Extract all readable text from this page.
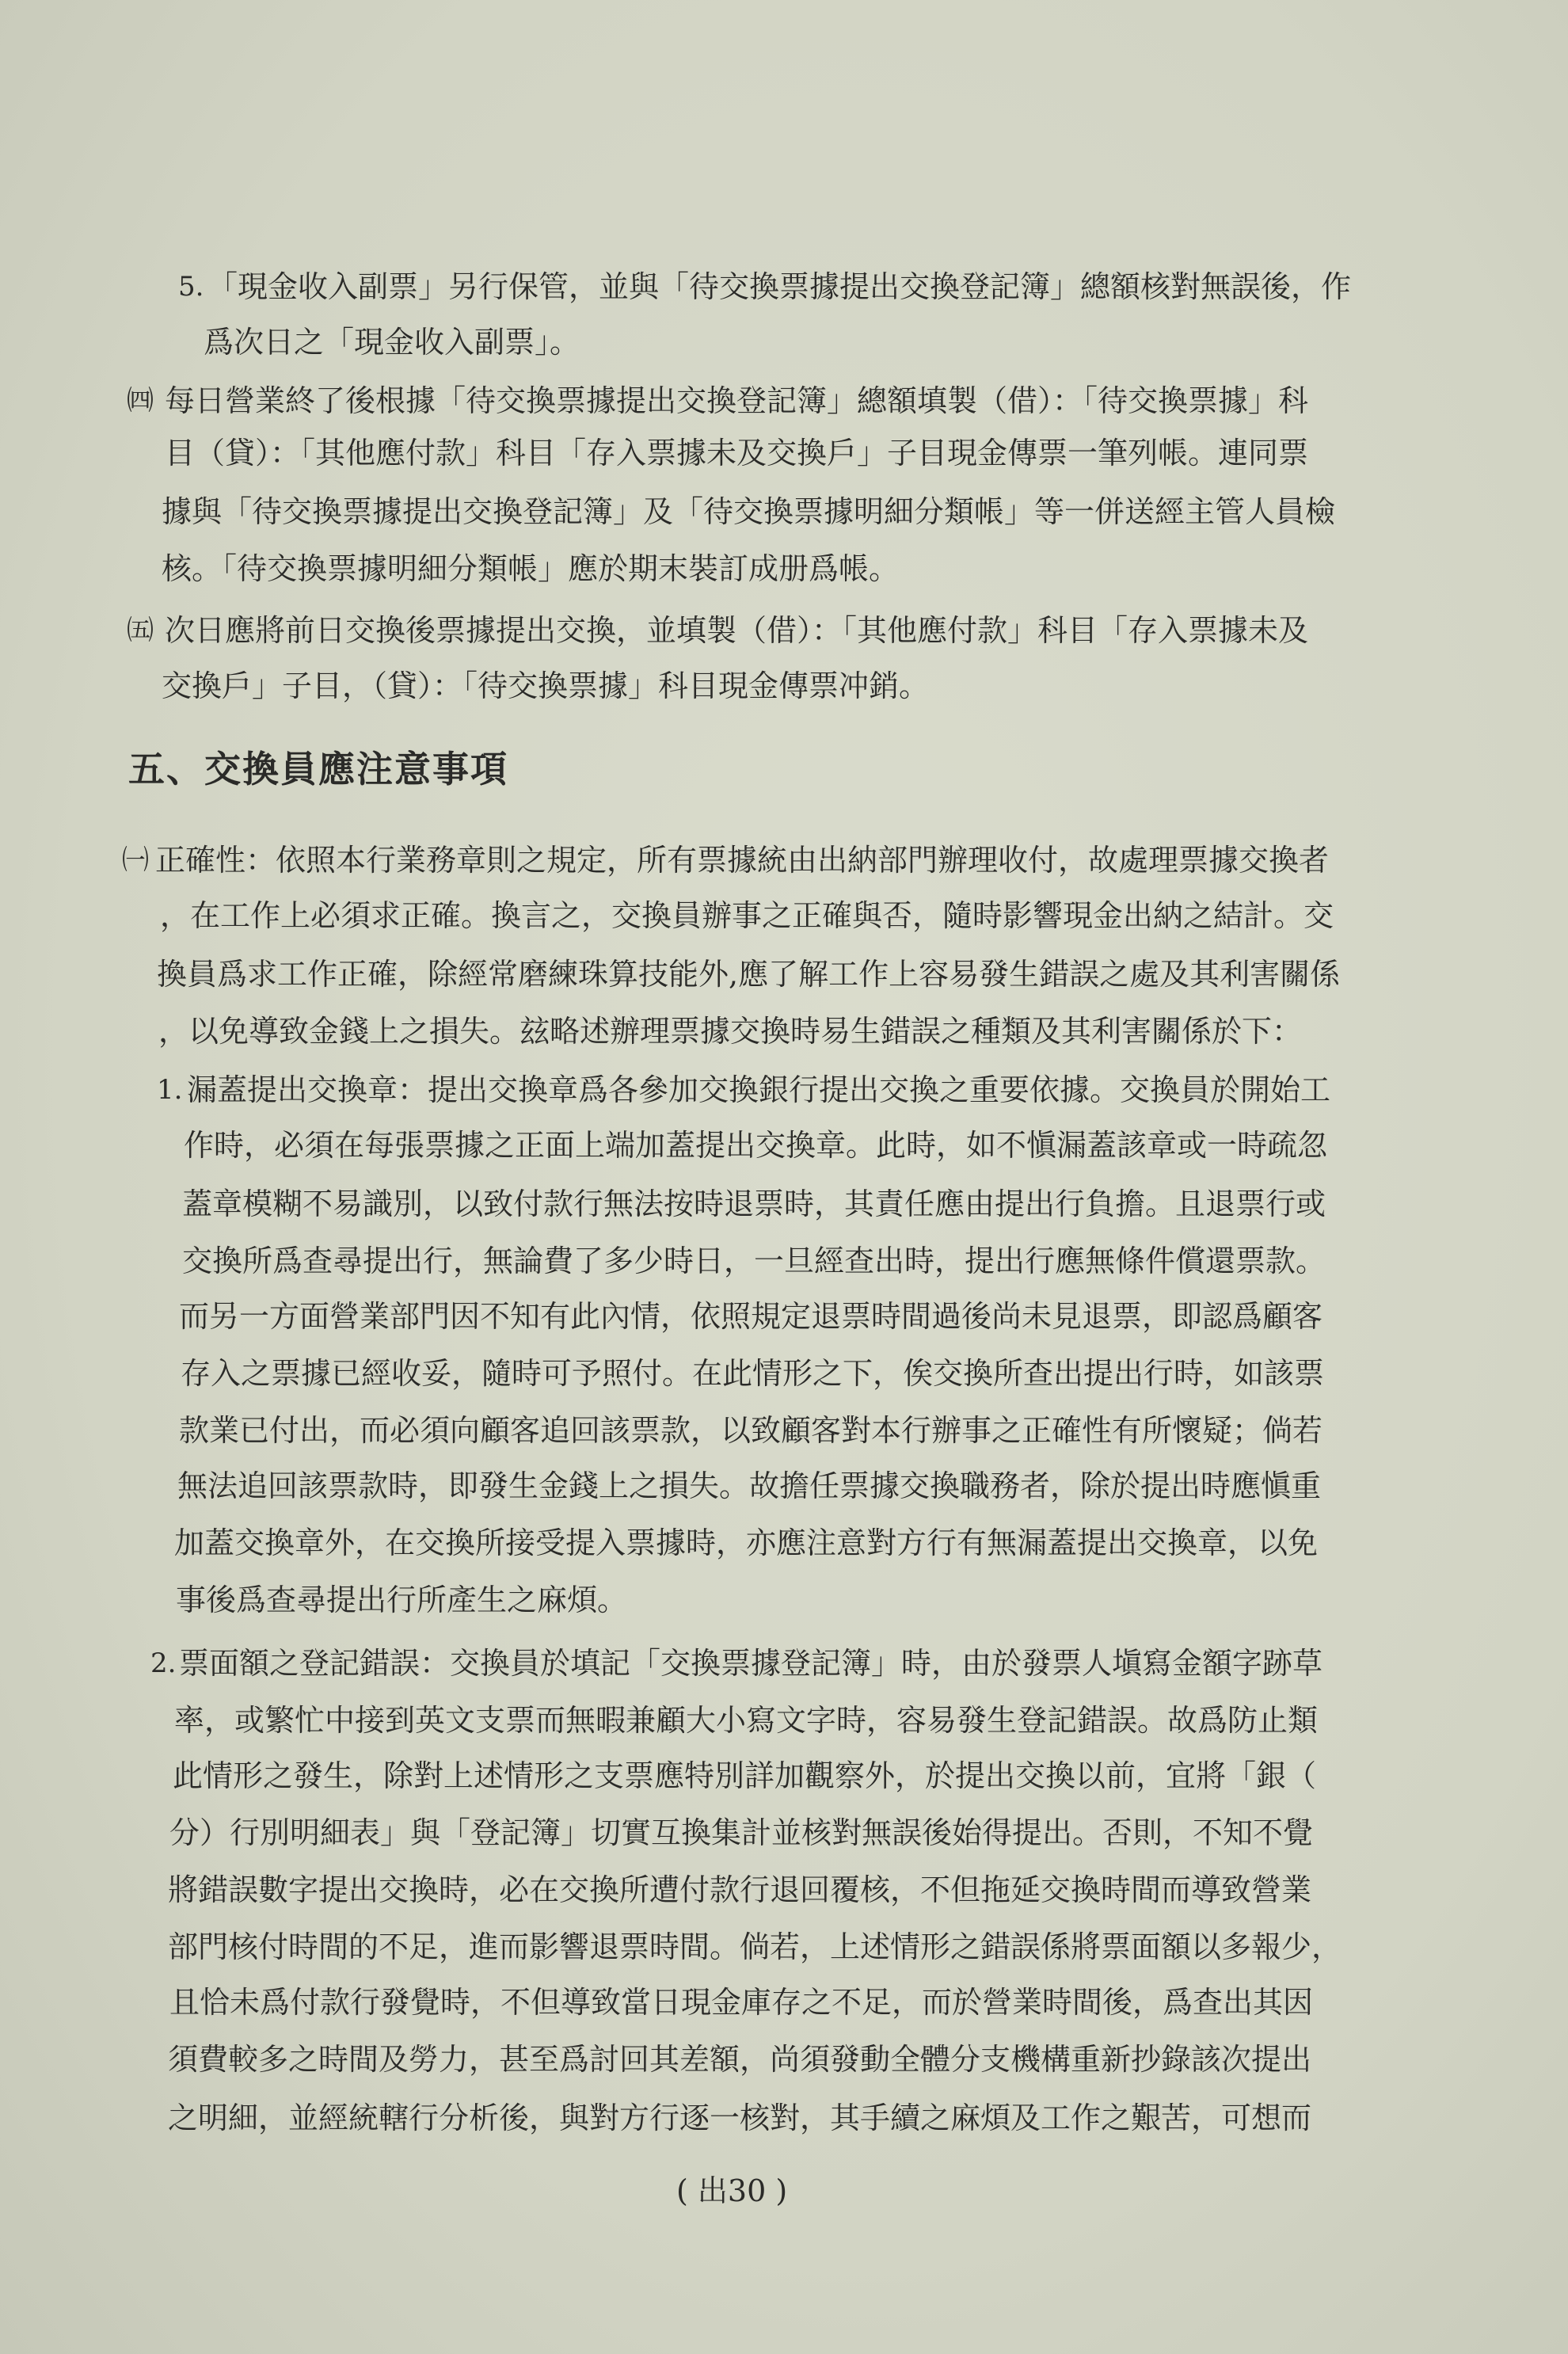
5. 「現金收入副票」另行保管，並與「待交換票據提出交換登記簿」總額核對無誤後，作
爲次日之「現金收入副票」。
㈣ 每日營業終了後根據「待交換票據提出交換登記簿」總額填製（借）：「待交換票據」科
目（貸）：「其他應付款」科目「存入票據未及交換戶」子目現金傳票一筆列帳。連同票
據與「待交換票據提出交換登記簿」及「待交換票據明細分類帳」等一併送經主管人員檢
核。「待交換票據明細分類帳」應於期末裝訂成册爲帳。
㈤ 次日應將前日交換後票據提出交換，並填製（借）：「其他應付款」科目「存入票據未及
交換戶」子目，（貸）：「待交換票據」科目現金傳票冲銷。
五、交換員應注意事項
㈠ 正確性：依照本行業務章則之規定，所有票據統由出納部門辦理收付，故處理票據交換者
，在工作上必須求正確。換言之，交換員辦事之正確與否，隨時影響現金出納之結計。交
換員爲求工作正確，除經常磨練珠算技能外,應了解工作上容易發生錯誤之處及其利害關係
，以免導致金錢上之損失。玆略述辦理票據交換時易生錯誤之種類及其利害關係於下：
1. 漏蓋提出交換章：提出交換章爲各參加交換銀行提出交換之重要依據。交換員於開始工
作時，必須在每張票據之正面上端加蓋提出交換章。此時，如不愼漏蓋該章或一時疏忽
蓋章模糊不易識別，以致付款行無法按時退票時，其責任應由提出行負擔。且退票行或
交換所爲查尋提出行，無論費了多少時日，一旦經查出時，提出行應無條件償還票款。
而另一方面營業部門因不知有此內情，依照規定退票時間過後尚未見退票，即認爲顧客
存入之票據已經收妥，隨時可予照付。在此情形之下，俟交換所查出提出行時，如該票
款業已付出，而必須向顧客追回該票款，以致顧客對本行辦事之正確性有所懷疑；倘若
無法追回該票款時，即發生金錢上之損失。故擔任票據交換職務者，除於提出時應愼重
加蓋交換章外，在交換所接受提入票據時，亦應注意對方行有無漏蓋提出交換章，以免
事後爲查尋提出行所產生之麻煩。
2. 票面額之登記錯誤：交換員於填記「交換票據登記簿」時，由於發票人塡寫金額字跡草
率，或繁忙中接到英文支票而無暇兼顧大小寫文字時，容易發生登記錯誤。故爲防止類
此情形之發生，除對上述情形之支票應特別詳加觀察外，於提出交換以前，宜將「銀（
分）行別明細表」與「登記簿」切實互換集計並核對無誤後始得提出。否則，不知不覺
將錯誤數字提出交換時，必在交換所遭付款行退回覆核，不但拖延交換時間而導致營業
部門核付時間的不足，進而影響退票時間。倘若，上述情形之錯誤係將票面額以多報少，
且恰未爲付款行發覺時，不但導致當日現金庫存之不足，而於營業時間後，爲查出其因
須費較多之時間及勞力，甚至爲討回其差額，尚須發動全體分支機構重新抄錄該次提出
之明細，並經統轄行分析後，與對方行逐一核對，其手續之麻煩及工作之艱苦，可想而
( 出30 )
